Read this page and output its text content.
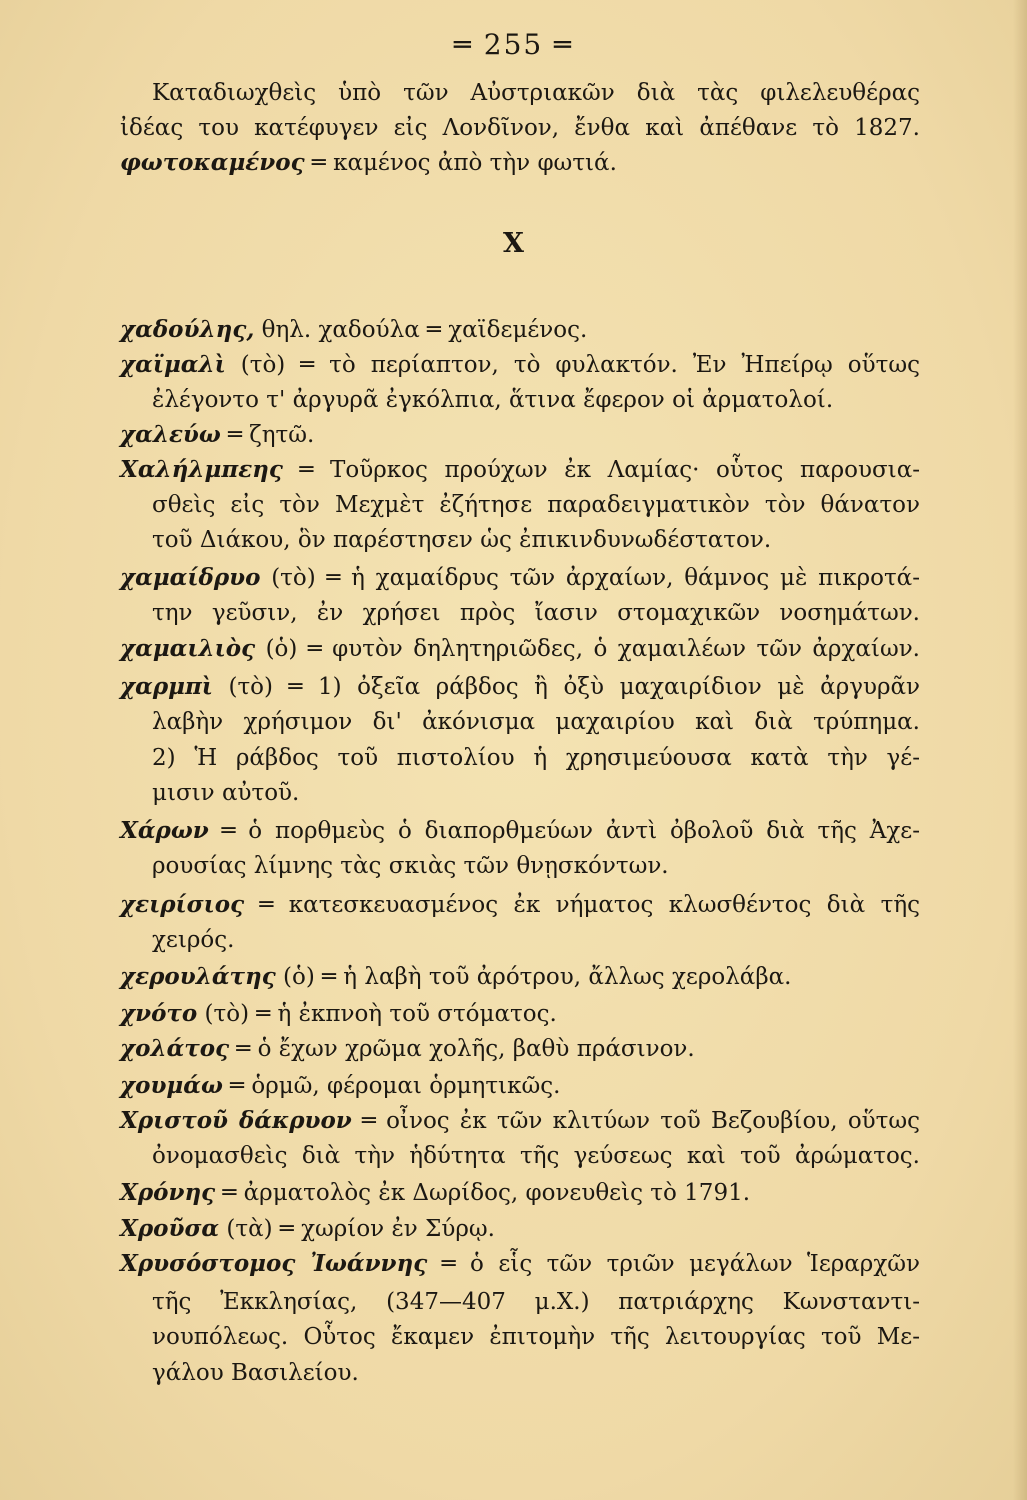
═ 255 ═
Καταδιωχθεὶς ὑπὸ τῶν Αὐστριακῶν διὰ τὰς φιλελευθέρας
ἰδέας του κατέφυγεν εἰς Λονδῖνον, ἔνθα καὶ ἀπέθανε τὸ 1827.
φωτοκαμένος ═ καμένος ἀπὸ τὴν φωτιά.
Χ
χαδούλης, θηλ. χαδούλα ═ χαϊδεμένος.
χαϊμαλὶ (τὸ) ═ τὸ περίαπτον, τὸ φυλακτόν. Ἐν Ἠπείρῳ οὕτως
ἐλέγοντο τ' ἀργυρᾶ ἐγκόλπια, ἅτινα ἔφερον οἱ ἀρματολοί.
χαλεύω ═ ζητῶ.
Χαλήλμπεης ═ Τοῦρκος προύχων ἐκ Λαμίας· οὗτος παρουσια-
σθεὶς εἰς τὸν Μεχμὲτ ἐζήτησε παραδειγματικὸν τὸν θάνατον
τοῦ Διάκου, ὃν παρέστησεν ὡς ἐπικινδυνωδέστατον.
χαμαίδρυο (τὸ) ═ ἡ χαμαίδρυς τῶν ἀρχαίων, θάμνος μὲ πικροτά-
την γεῦσιν, ἐν χρήσει πρὸς ἴασιν στομαχικῶν νοσημάτων.
χαμαιλιὸς (ὁ) ═ φυτὸν δηλητηριῶδες, ὁ χαμαιλέων τῶν ἀρχαίων.
χαρμπὶ (τὸ) ═ 1) ὀξεῖα ράβδος ἢ ὀξὺ μαχαιρίδιον μὲ ἀργυρᾶν
λαβὴν χρήσιμον δι' ἀκόνισμα μαχαιρίου καὶ διὰ τρύπημα.
2) Ἡ ράβδος τοῦ πιστολίου ἡ χρησιμεύουσα κατὰ τὴν γέ-
μισιν αὐτοῦ.
Χάρων ═ ὁ πορθμεὺς ὁ διαπορθμεύων ἀντὶ ὀβολοῦ διὰ τῆς Ἀχε-
ρουσίας λίμνης τὰς σκιὰς τῶν θνῃσκόντων.
χειρίσιος ═ κατεσκευασμένος ἐκ νήματος κλωσθέντος διὰ τῆς
χειρός.
χερουλάτης (ὁ) ═ ἡ λαβὴ τοῦ ἀρότρου, ἄλλως χερολάβα.
χνότο (τὸ) ═ ἡ ἐκπνοὴ τοῦ στόματος.
χολάτος ═ ὁ ἔχων χρῶμα χολῆς, βαθὺ πράσινον.
χουμάω ═ ὁρμῶ, φέρομαι ὁρμητικῶς.
Χριστοῦ δάκρυον ═ οἶνος ἐκ τῶν κλιτύων τοῦ Βεζουβίου, οὕτως
ὀνομασθεὶς διὰ τὴν ἡδύτητα τῆς γεύσεως καὶ τοῦ ἀρώματος.
Χρόνης ═ ἀρματολὸς ἐκ Δωρίδος, φονευθεὶς τὸ 1791.
Χροῦσα (τὰ) ═ χωρίον ἐν Σύρῳ.
Χρυσόστομος Ἰωάννης ═ ὁ εἷς τῶν τριῶν μεγάλων Ἱεραρχῶν
τῆς Ἐκκλησίας, (347—407 μ.Χ.) πατριάρχης Κωνσταντι-
νουπόλεως. Οὗτος ἔκαμεν ἐπιτομὴν τῆς λειτουργίας τοῦ Με-
γάλου Βασιλείου.
